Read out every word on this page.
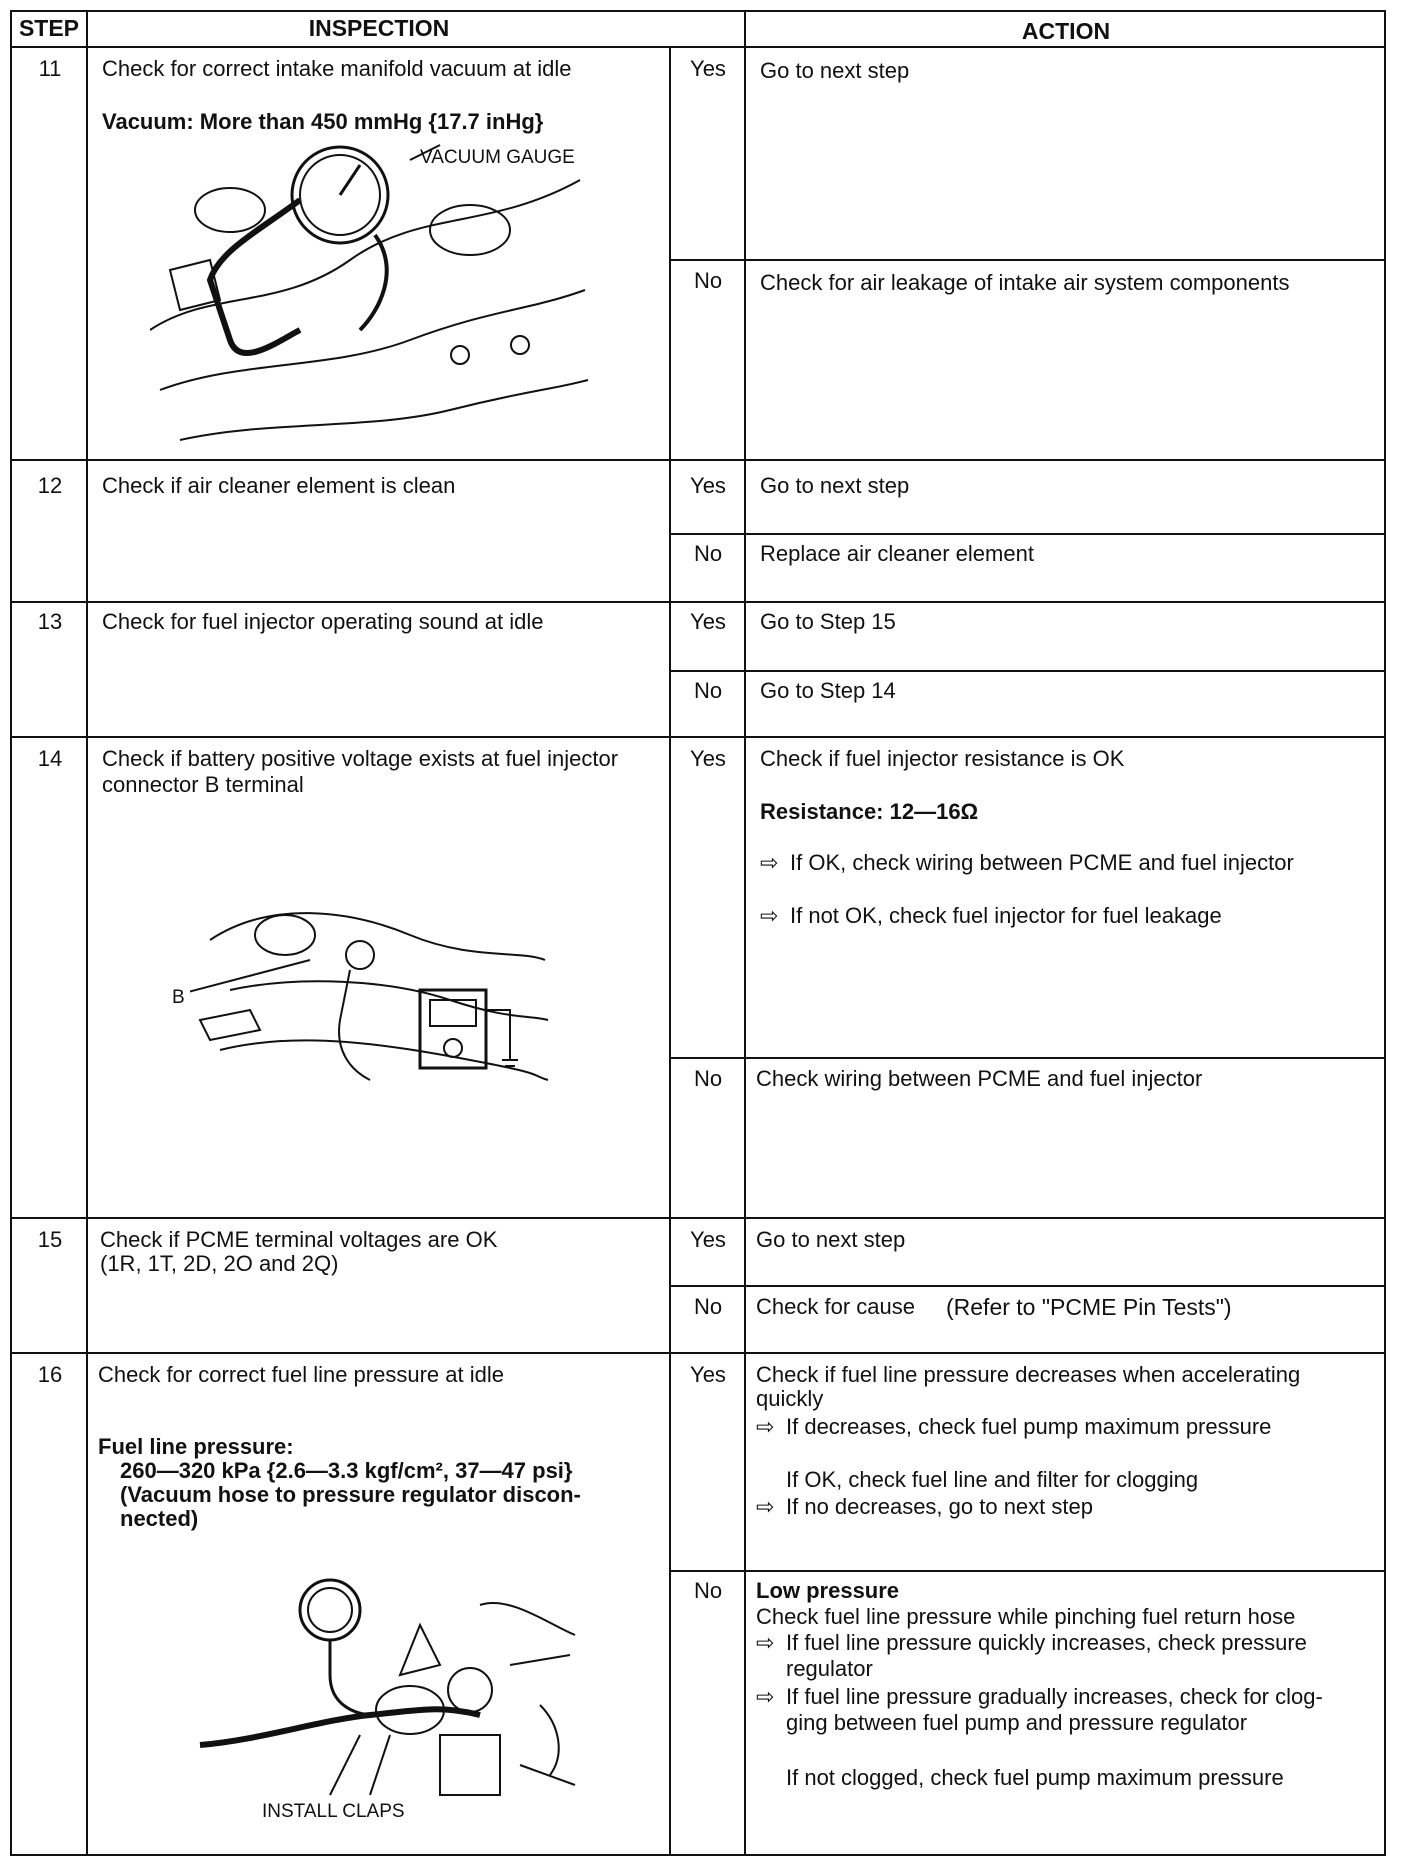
STEP	INSPECTION	ACTION
11	Check for correct intake manifold vacuum at idle
Vacuum: More than 450 mmHg {17.7 inHg}
Yes	Go to next step
No	Check for air leakage of intake air system components
VACUUM GAUGE
12	Check if air cleaner element is clean	Yes	Go to next step
No	Replace air cleaner element
13	Check for fuel injector operating sound at idle	Yes	Go to Step 15
No	Go to Step 14
14	Check if battery positive voltage exists at fuel injector
connector B terminal
Yes	Check if fuel injector resistance is OK
Resistance: 12—16Ω
⇨ If OK, check wiring between PCME and fuel injector
⇨ If not OK, check fuel injector for fuel leakage
No	Check wiring between PCME and fuel injector
B
15	Check if PCME terminal voltages are OK
(1R, 1T, 2D, 2O and 2Q)
Yes	Go to next step
No	Check for cause (Refer to "PCME Pin Tests")
16	Check for correct fuel line pressure at idle
Fuel line pressure:
260—320 kPa {2.6—3.3 kgf/cm², 37—47 psi}
(Vacuum hose to pressure regulator discon-
nected)
Yes	Check if fuel line pressure decreases when accelerating
quickly
⇨ If decreases, check fuel pump maximum pressure
If OK, check fuel line and filter for clogging
⇨ If no decreases, go to next step
No	Low pressure
Check fuel line pressure while pinching fuel return hose
⇨ If fuel line pressure quickly increases, check pressure
regulator
⇨ If fuel line pressure gradually increases, check for clog-
ging between fuel pump and pressure regulator
If not clogged, check fuel pump maximum pressure
INSTALL CLAPS
